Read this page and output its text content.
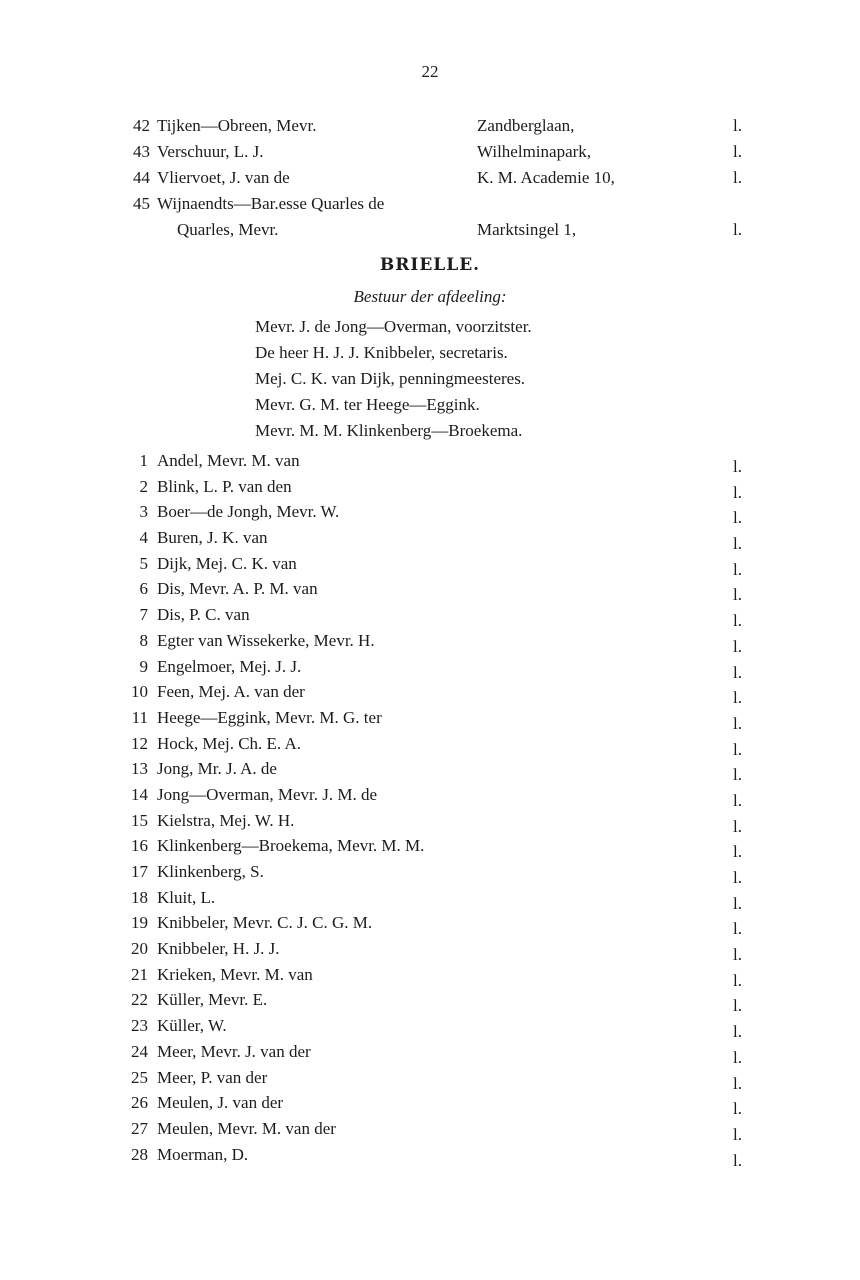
22
42 Tijken—Obreen, Mevr.	Zandberglaan,	l.
43 Verschuur, L. J.	Wilhelminapark,	l.
44 Vliervoet, J. van de	K. M. Academie 10,	l.
45 Wijnaendts—Bar.esse Quarles de
Quarles, Mevr.	Marktsingel 1,	l.
BRIELLE.
Bestuur der afdeeling:
Mevr. J. de Jong—Overman, voorzitster.
De heer H. J. J. Knibbeler, secretaris.
Mej. C. K. van Dijk, penningmeesteres.
Mevr. G. M. ter Heege—Eggink.
Mevr. M. M. Klinkenberg—Broekema.
1 Andel, Mevr. M. van	l.
2 Blink, L. P. van den	l.
3 Boer—de Jongh, Mevr. W.	l.
4 Buren, J. K. van	l.
5 Dijk, Mej. C. K. van	l.
6 Dis, Mevr. A. P. M. van	l.
7 Dis, P. C. van	l.
8 Egter van Wissekerke, Mevr. H.	l.
9 Engelmoer, Mej. J. J.	l.
10 Feen, Mej. A. van der	l.
11 Heege—Eggink, Mevr. M. G. ter	l.
12 Hock, Mej. Ch. E. A.	l.
13 Jong, Mr. J. A. de	l.
14 Jong—Overman, Mevr. J. M. de	l.
15 Kielstra, Mej. W. H.	l.
16 Klinkenberg—Broekema, Mevr. M. M.	l.
17 Klinkenberg, S.	l.
18 Kluit, L.	l.
19 Knibbeler, Mevr. C. J. C. G. M.	l.
20 Knibbeler, H. J. J.	l.
21 Krieken, Mevr. M. van	l.
22 Küller, Mevr. E.	l.
23 Küller, W.	l.
24 Meer, Mevr. J. van der	l.
25 Meer, P. van der	l.
26 Meulen, J. van der	l.
27 Meulen, Mevr. M. van der	l.
28 Moerman, D.	l.
